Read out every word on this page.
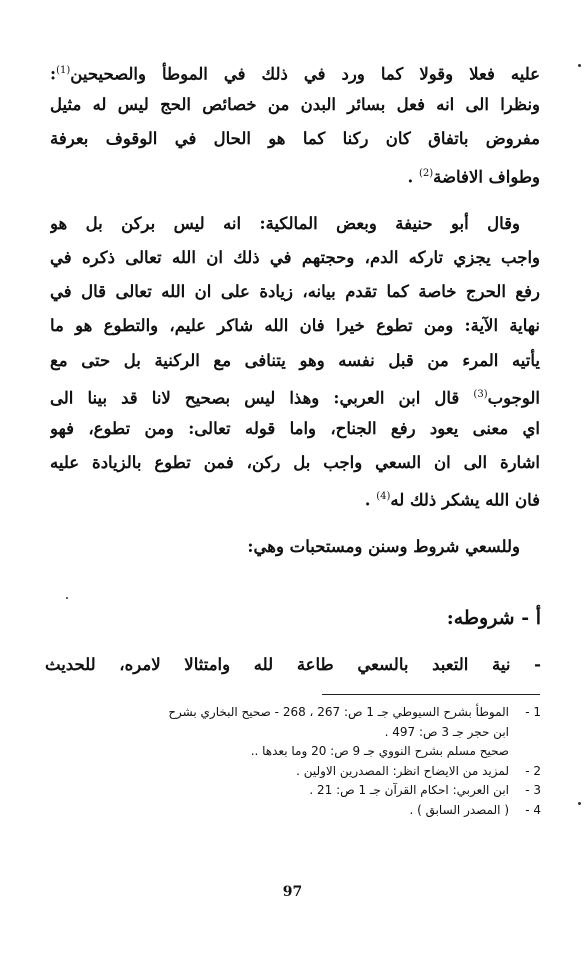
عليه فعلا وقولا كما ورد في ذلك في الموطأ والصحيحين$^{(1)}$:
ونظرا الى انه فعل بسائر البدن من خصائص الحج ليس له مثيل
مفروض باتفاق كان ركنا كما هو الحال في الوقوف بعرفة
وطواف الافاضة$^{(2)}$ .
وقال أبو حنيفة وبعض المالكية: انه ليس بركن بل هو
واجب يجزي تاركه الدم، وحجتهم في ذلك ان الله تعالى ذكره في
رفع الحرج خاصة كما تقدم بيانه، زيادة على ان الله تعالى قال في
نهاية الآية: ومن تطوع خيرا فان الله شاكر عليم، والتطوع هو ما
يأتيه المرء من قبل نفسه وهو يتنافى مع الركنية بل حتى مع
الوجوب$^{(3)}$ قال ابن العربي: وهذا ليس بصحيح لانا قد بينا الى
اي معنى يعود رفع الجناح، واما قوله تعالى: ومن تطوع، فهو
اشارة الى ان السعي واجب بل ركن، فمن تطوع بالزيادة عليه
فان الله يشكر ذلك له$^{(4)}$ .
وللسعي شروط وسنن ومستحبات وهي:
أ - شروطه:
- نية التعبد بالسعي طاعة لله وامتثالا لامره، للحديث
1 -الموطأ بشرح السيوطي جـ 1 ص: 267 ، 268 - صحيح البخاري بشرح
ابن حجر جـ 3 ص: 497 .
صحيح مسلم بشرح النووي جـ 9 ص: 20 وما بعدها ..
2 -لمزيد من الايضاح انظر: المصدرين الاولين .
3 -ابن العربي: احكام القرآن جـ 1 ص: 21 .
4 -( المصدر السابق ) .
97
